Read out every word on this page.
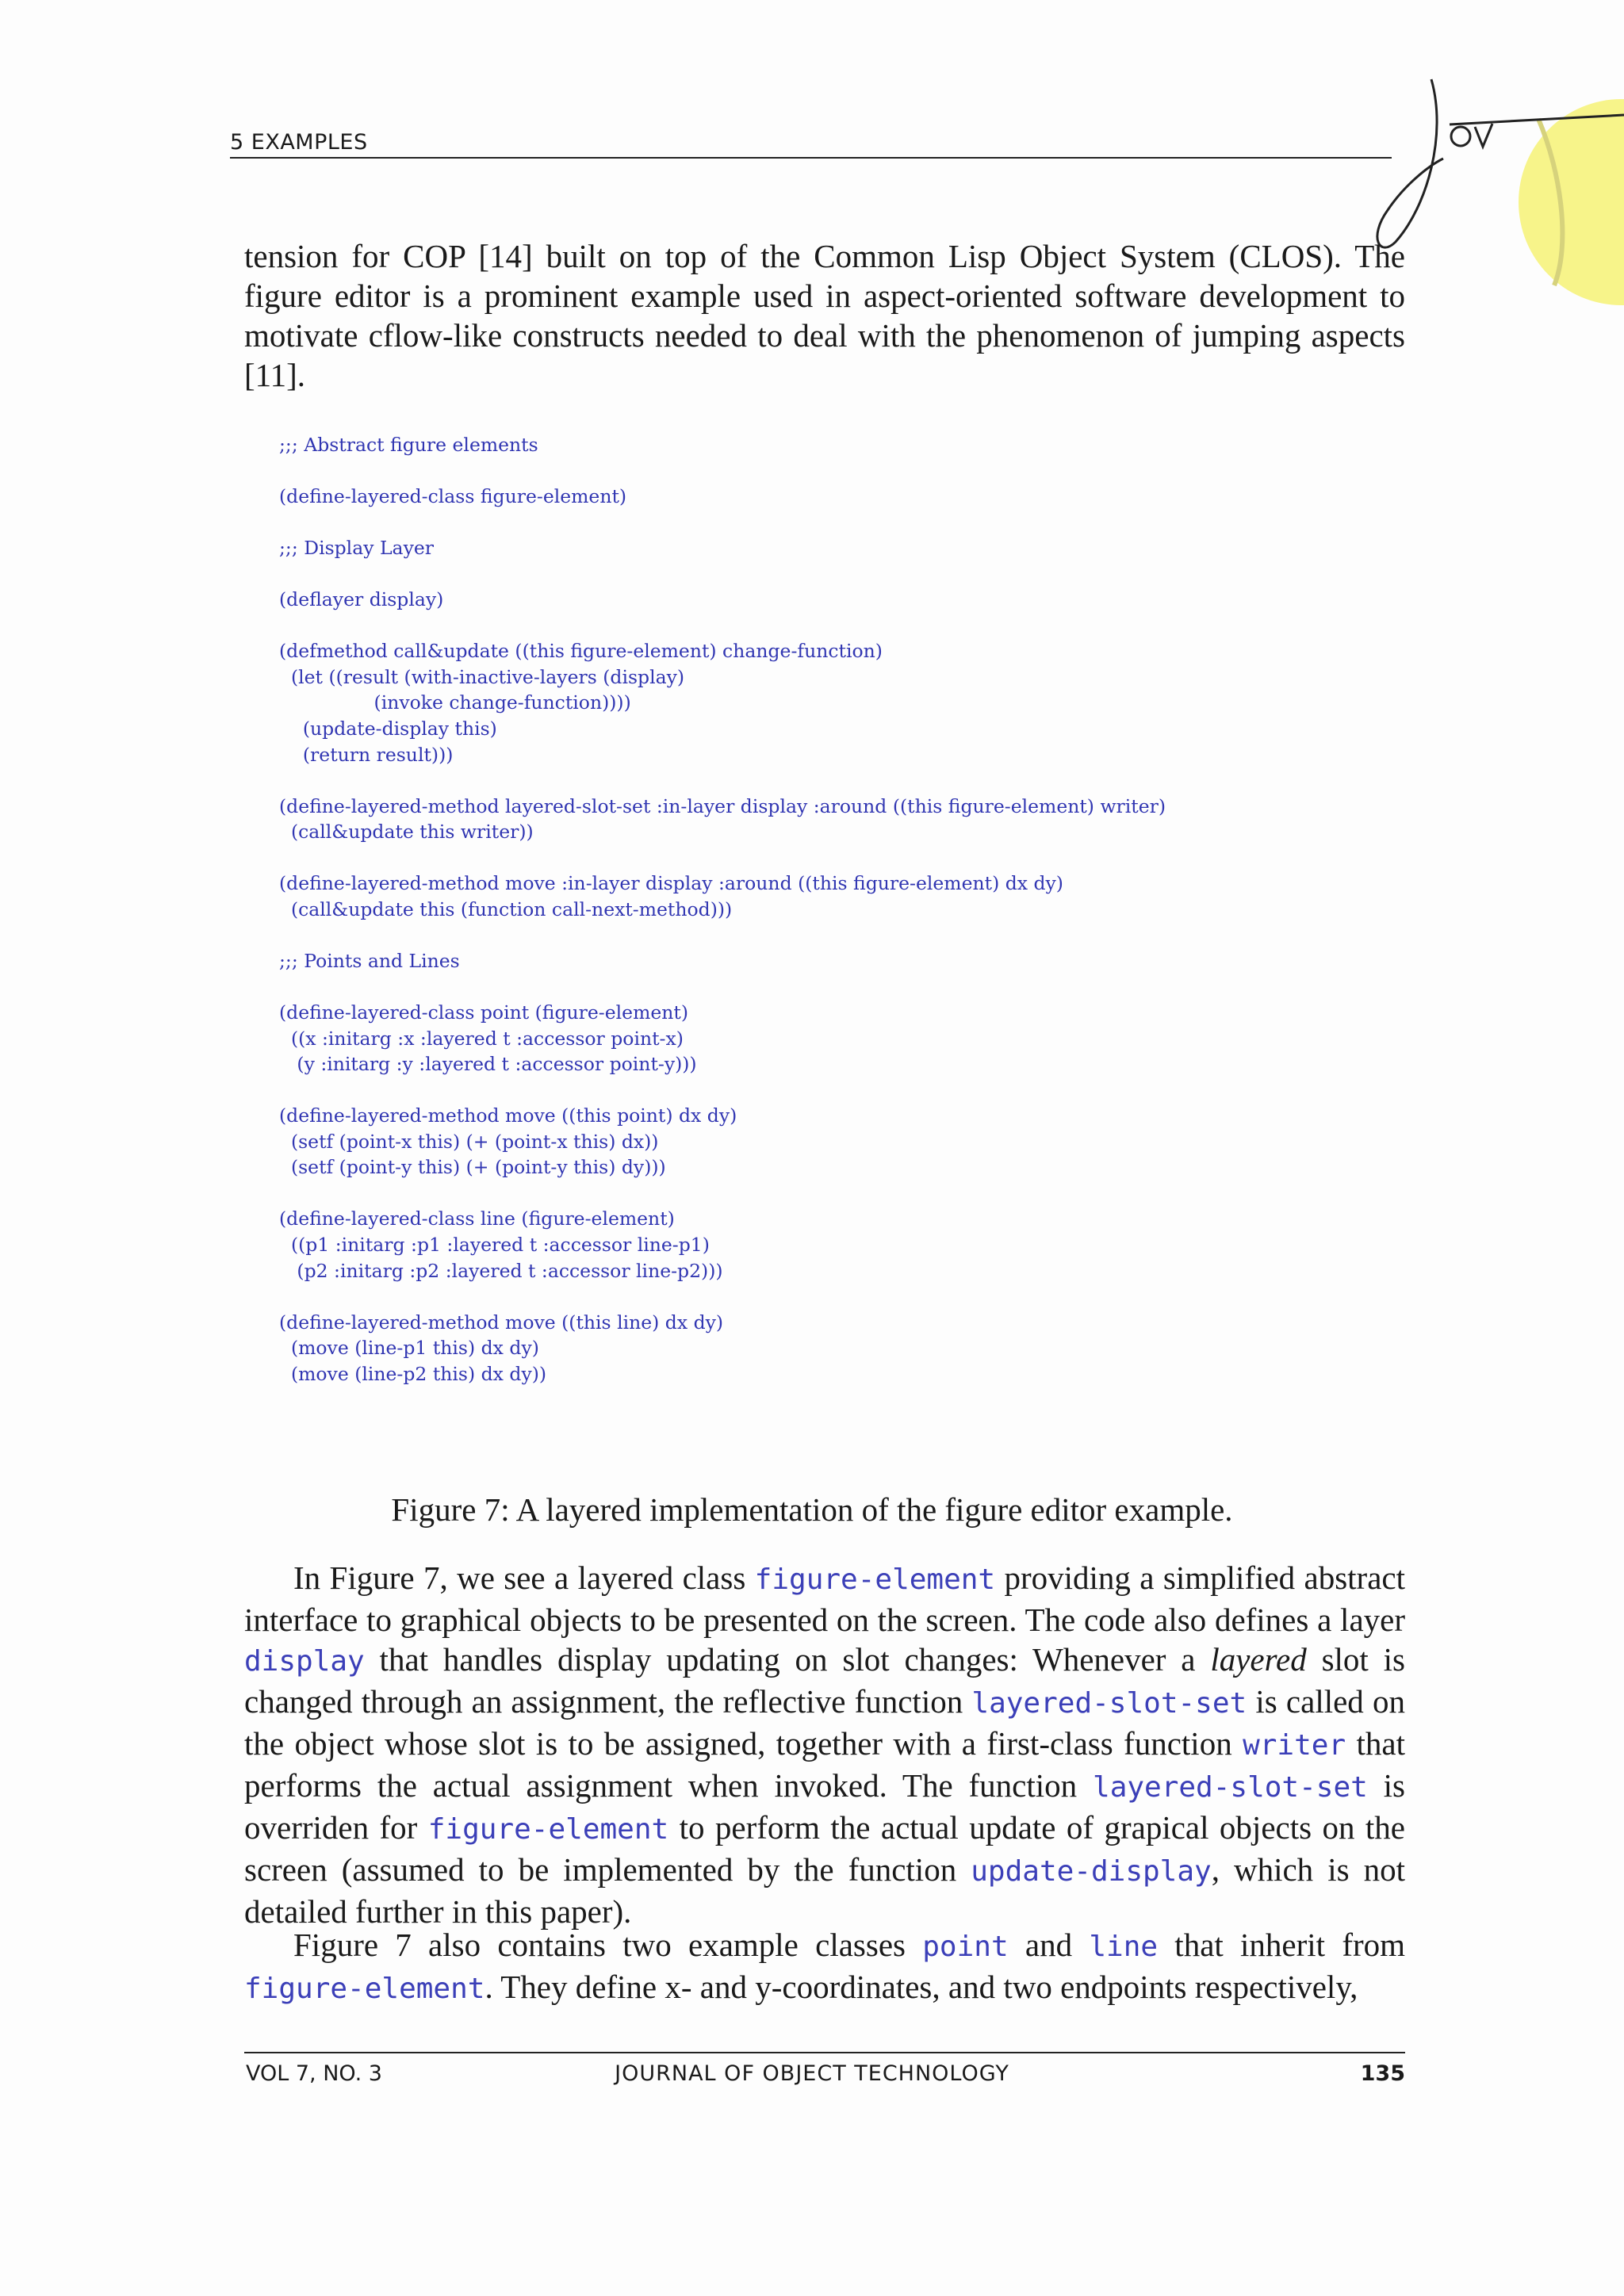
5 EXAMPLES

tension for COP [14] built on top of the Common Lisp Object System (CLOS). The figure editor is a prominent example used in aspect-oriented software development to motivate cflow-like constructs needed to deal with the phenomenon of jumping aspects [11].

;;; Abstract figure elements
(define-layered-class figure-element)
;;; Display Layer
(deflayer display)
(defmethod call&update ((this figure-element) change-function)
(let ((result (with-inactive-layers (display)
(invoke change-function))))
(update-display this)
(return result)))
(define-layered-method layered-slot-set :in-layer display :around ((this figure-element) writer)
(call&update this writer))
(define-layered-method move :in-layer display :around ((this figure-element) dx dy)
(call&update this (function call-next-method)))
;;; Points and Lines
(define-layered-class point (figure-element)
((x :initarg :x :layered t :accessor point-x)
(y :initarg :y :layered t :accessor point-y)))
(define-layered-method move ((this point) dx dy)
(setf (point-x this) (+ (point-x this) dx))
(setf (point-y this) (+ (point-y this) dy)))
(define-layered-class line (figure-element)
((p1 :initarg :p1 :layered t :accessor line-p1)
(p2 :initarg :p2 :layered t :accessor line-p2)))
(define-layered-method move ((this line) dx dy)
(move (line-p1 this) dx dy)
(move (line-p2 this) dx dy))
Figure 7: A layered implementation of the figure editor example.

In Figure 7, we see a layered class figure-element providing a simplified abstract interface to graphical objects to be presented on the screen. The code also defines a layer display that handles display updating on slot changes: Whenever a layered slot is changed through an assignment, the reflective function layered-slot-set is called on the object whose slot is to be assigned, together with a first-class function writer that performs the actual assignment when invoked. The function layered-slot-set is overriden for figure-element to perform the actual update of grapical objects on the screen (assumed to be implemented by the function update-display, which is not detailed further in this paper).

Figure 7 also contains two example classes point and line that inherit from figure-element. They define x- and y-coordinates, and two endpoints respectively,

VOL 7, NO. 3	JOURNAL OF OBJECT TECHNOLOGY	135
